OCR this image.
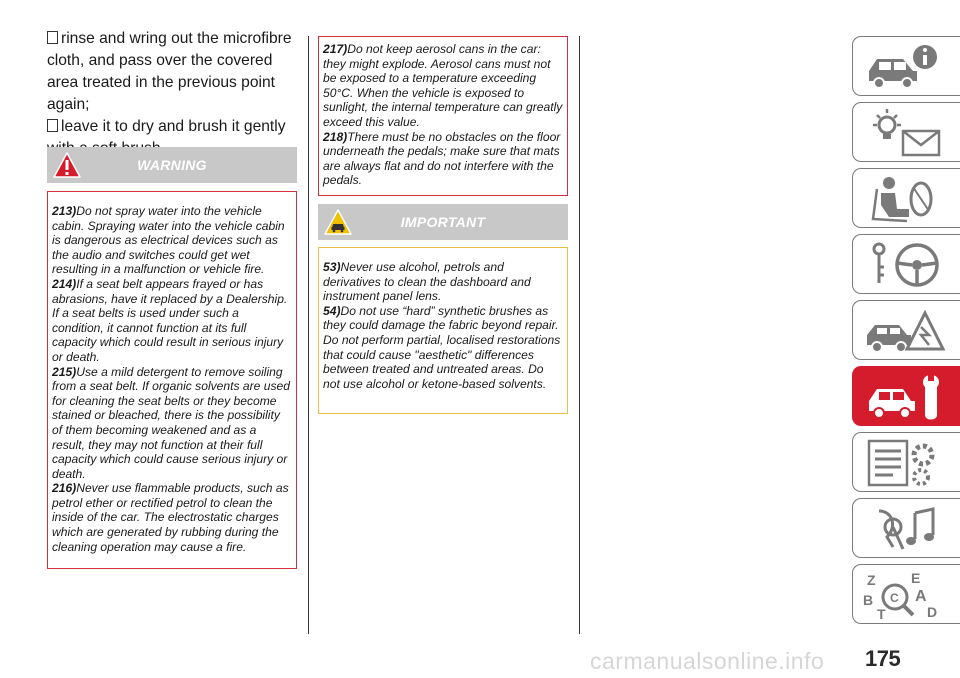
rinse and wring out the microfibre cloth, and pass over the covered area treated in the previous point again;

leave it to dry and brush it gently

WARNING

213)Do not spray water into the vehicle cabin. Spraying water into the vehicle cabin is dangerous as electrical devices such as the audio and switches could get wet resulting in a malfunction or vehicle fire.

214)If a seat belt appears frayed or has abrasions, have it replaced by a Dealership. If a seat belts is used under such a condition, it cannot function at its full capacity which could result in serious injury or death.

215)Use a mild detergent to remove soiling from a seat belt. If organic solvents are used for cleaning the seat belts or they become stained or bleached, there is the possibility of them becoming weakened and as a result, they may not function at their full capacity which could cause serious injury or death.

216)Never use flammable products, such as petrol ether or rectified petrol to clean the inside of the car. The electrostatic charges which are generated by rubbing during the cleaning operation may cause a fire.

217)Do not keep aerosol cans in the car: they might explode. Aerosol cans must not be exposed to a temperature exceeding 50°C. When the vehicle is exposed to sunlight, the internal temperature can greatly exceed this value.

218)There must be no obstacles on the floor underneath the pedals; make sure that mats are always flat and do not interfere with the pedals.

IMPORTANT

53)Never use alcohol, petrols and derivatives to clean the dashboard and instrument panel lens.

54)Do not use “hard” synthetic brushes as they could damage the fabric beyond repair. Do not perform partial, localised restorations that could cause "aesthetic" differences between treated and untreated areas. Do not use alcohol or ketone-based solvents.

Z	E
B	A
C
D
T
carmanualsonline.info 175
